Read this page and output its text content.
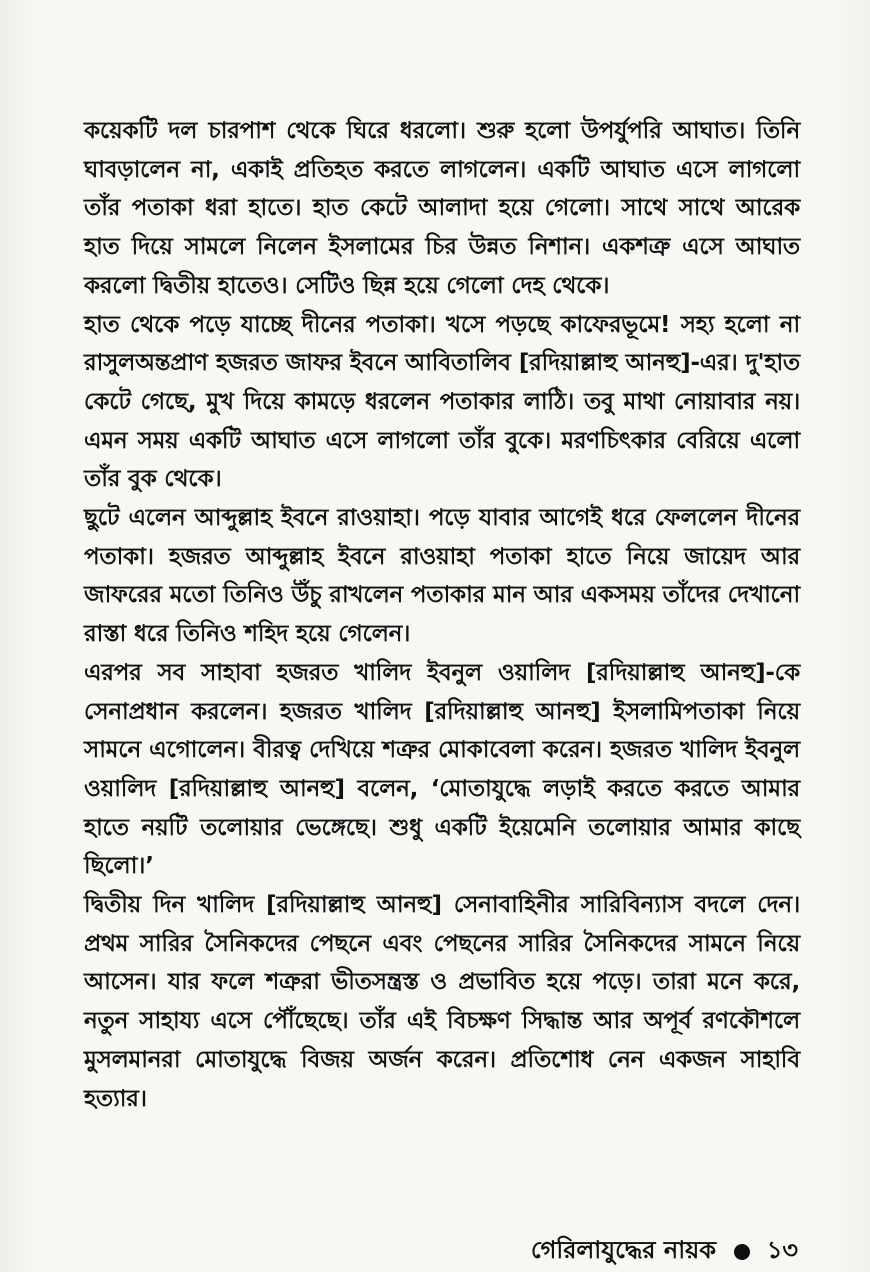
কয়েকটি দল চারপাশ থেকে ঘিরে ধরলো। শুরু হলো উপর্যুপরি আঘাত। তিনি ঘাবড়ালেন না, একাই প্রতিহত করতে লাগলেন। একটি আঘাত এসে লাগলো তাঁর পতাকা ধরা হাতে। হাত কেটে আলাদা হয়ে গেলো। সাথে সাথে আরেক হাত দিয়ে সামলে নিলেন ইসলামের চির উন্নত নিশান। একশত্রু এসে আঘাত করলো দ্বিতীয় হাতেও। সেটিও ছিন্ন হয়ে গেলো দেহ থেকে।

হাত থেকে পড়ে যাচ্ছে দীনের পতাকা। খসে পড়ছে কাফেরভূমে! সহ্য হলো না রাসুলঅন্তপ্রাণ হজরত জাফর ইবনে আবিতালিব [রদিয়াল্লাহু আনহু]-এর। দু'হাত কেটে গেছে, মুখ দিয়ে কামড়ে ধরলেন পতাকার লাঠি। তবু মাথা নোয়াবার নয়। এমন সময় একটি আঘাত এসে লাগলো তাঁর বুকে। মরণচিৎকার বেরিয়ে এলো তাঁর বুক থেকে।

ছুটে এলেন আব্দুল্লাহ ইবনে রাওয়াহা। পড়ে যাবার আগেই ধরে ফেললেন দীনের পতাকা। হজরত আব্দুল্লাহ ইবনে রাওয়াহা পতাকা হাতে নিয়ে জায়েদ আর জাফরের মতো তিনিও উঁচু রাখলেন পতাকার মান আর একসময় তাঁদের দেখানো রাস্তা ধরে তিনিও শহিদ হয়ে গেলেন।

এরপর সব সাহাবা হজরত খালিদ ইবনুল ওয়ালিদ [রদিয়াল্লাহু আনহু]-কে সেনাপ্রধান করলেন। হজরত খালিদ [রদিয়াল্লাহু আনহু] ইসলামিপতাকা নিয়ে সামনে এগোলেন। বীরত্ব দেখিয়ে শত্রুর মোকাবেলা করেন। হজরত খালিদ ইবনুল ওয়ালিদ [রদিয়াল্লাহু আনহু] বলেন, ‘মোতাযুদ্ধে লড়াই করতে করতে আমার হাতে নয়টি তলোয়ার ভেঙ্গেছে। শুধু একটি ইয়েমেনি তলোয়ার আমার কাছে ছিলো।’

দ্বিতীয় দিন খালিদ [রদিয়াল্লাহু আনহু] সেনাবাহিনীর সারিবিন্যাস বদলে দেন। প্রথম সারির সৈনিকদের পেছনে এবং পেছনের সারির সৈনিকদের সামনে নিয়ে আসেন। যার ফলে শত্রুরা ভীতসন্ত্রস্ত ও প্রভাবিত হয়ে পড়ে। তারা মনে করে, নতুন সাহায্য এসে পৌঁছেছে। তাঁর এই বিচক্ষণ সিদ্ধান্ত আর অপূর্ব রণকৌশলে মুসলমানরা মোতাযুদ্ধে বিজয় অর্জন করেন। প্রতিশোধ নেন একজন সাহাবি হত্যার।

গেরিলাযুদ্ধের নায়ক ১৩
